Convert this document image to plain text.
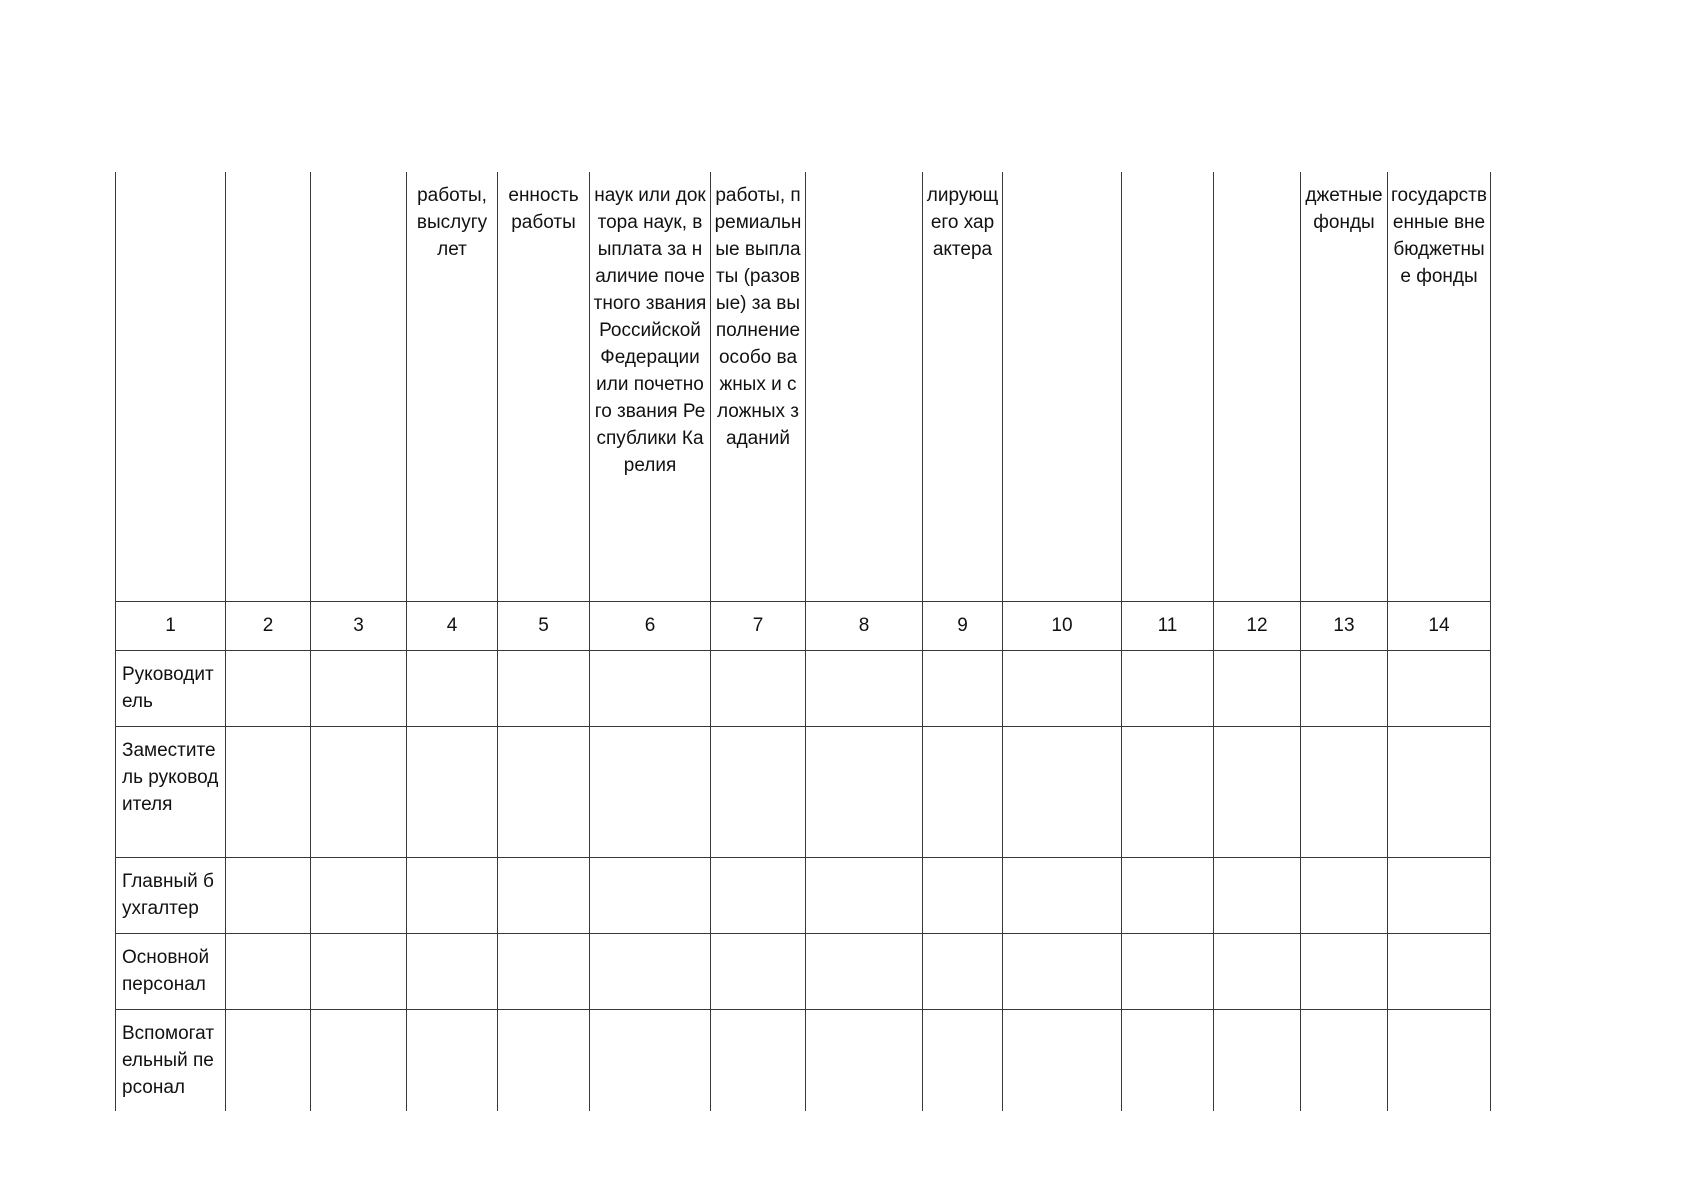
			работы, выслугу лет	енность работы	наук или доктора наук, выплата за наличие почетного звания Российской Федерации или почетного звания Республики Карелия	работы, премиальные выплаты (разовые) за выполнение особо важных и сложных заданий		лирующего характера				джетные фонды	государственные внебюджетные фонды

1	2	3	4	5	6	7	8	9	10	11	12	13	14
Руководитель													
Заместитель руководителя													
Главный бухгалтер													
Основной персонал													
Вспомогательный персонал													
